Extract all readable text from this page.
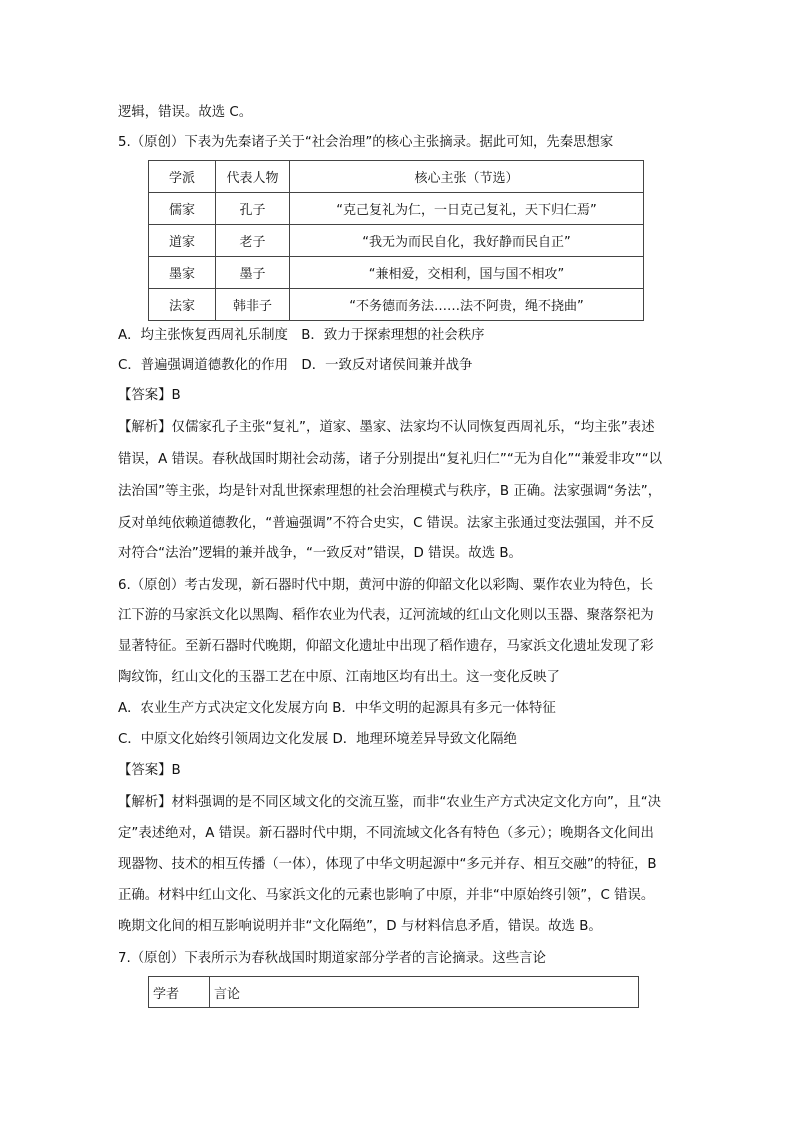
逻辑，错误。故选 C。
5.（原创）下表为先秦诸子关于“社会治理”的核心主张摘录。据此可知，先秦思想家
学派	代表人物	核心主张（节选）
儒家	孔子	“克己复礼为仁，一日克己复礼，天下归仁焉”
道家	老子	“我无为而民自化，我好静而民自正”
墨家	墨子	“兼相爱，交相利，国与国不相攻”
法家	韩非子	“不务德而务法……法不阿贵，绳不挠曲”
A．均主张恢复西周礼乐制度　B．致力于探索理想的社会秩序
C．普遍强调道德教化的作用　D．一致反对诸侯间兼并战争
【答案】B
【解析】仅儒家孔子主张“复礼”，道家、墨家、法家均不认同恢复西周礼乐，“均主张”表述
错误，A 错误。春秋战国时期社会动荡，诸子分别提出“复礼归仁”“无为自化”“兼爱非攻”“以
法治国”等主张，均是针对乱世探索理想的社会治理模式与秩序，B 正确。法家强调“务法”，
反对单纯依赖道德教化，“普遍强调”不符合史实，C 错误。法家主张通过变法强国，并不反
对符合“法治”逻辑的兼并战争，“一致反对”错误，D 错误。故选 B。
6.（原创）考古发现，新石器时代中期，黄河中游的仰韶文化以彩陶、粟作农业为特色，长
江下游的马家浜文化以黑陶、稻作农业为代表，辽河流域的红山文化则以玉器、聚落祭祀为
显著特征。至新石器时代晚期，仰韶文化遗址中出现了稻作遗存，马家浜文化遗址发现了彩
陶纹饰，红山文化的玉器工艺在中原、江南地区均有出土。这一变化反映了
A．农业生产方式决定文化发展方向 B．中华文明的起源具有多元一体特征
C．中原文化始终引领周边文化发展 D．地理环境差异导致文化隔绝
【答案】B
【解析】材料强调的是不同区域文化的交流互鉴，而非“农业生产方式决定文化方向”，且“决
定”表述绝对，A 错误。新石器时代中期，不同流域文化各有特色（多元）；晚期各文化间出
现器物、技术的相互传播（一体），体现了中华文明起源中“多元并存、相互交融”的特征，B
正确。材料中红山文化、马家浜文化的元素也影响了中原，并非“中原始终引领”，C 错误。
晚期文化间的相互影响说明并非“文化隔绝”，D 与材料信息矛盾，错误。故选 B。
7.（原创）下表所示为春秋战国时期道家部分学者的言论摘录。这些言论
学者	言论
